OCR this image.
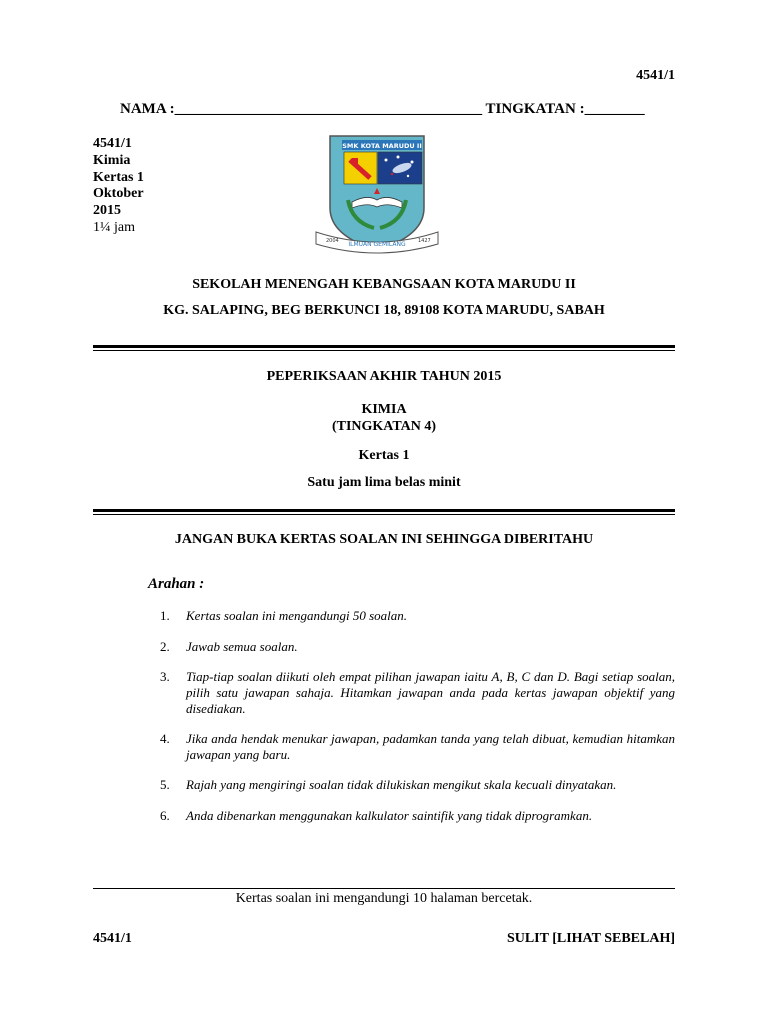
4541/1
NAMA :_________________________________________ TINGKATAN :________
4541/1
Kimia
Kertas 1
Oktober
2015
1¼ jam
SMK KOTA MARUDU II
2004 ILMUAN GEMILANG 1427
SEKOLAH MENENGAH KEBANGSAAN KOTA MARUDU II
KG. SALAPING, BEG BERKUNCI 18, 89108 KOTA MARUDU, SABAH
PEPERIKSAAN AKHIR TAHUN 2015
KIMIA
(TINGKATAN 4)
Kertas 1
Satu jam lima belas minit
JANGAN BUKA KERTAS SOALAN INI SEHINGGA DIBERITAHU
Arahan :
1. Kertas soalan ini mengandungi 50 soalan.
2. Jawab semua soalan.
3. Tiap-tiap soalan diikuti oleh empat pilihan jawapan iaitu A, B, C dan D. Bagi setiap soalan, pilih satu jawapan sahaja. Hitamkan jawapan anda pada kertas jawapan objektif yang disediakan.
4. Jika anda hendak menukar jawapan, padamkan tanda yang telah dibuat, kemudian hitamkan jawapan yang baru.
5. Rajah yang mengiringi soalan tidak dilukiskan mengikut skala kecuali dinyatakan.
6. Anda dibenarkan menggunakan kalkulator saintifik yang tidak diprogramkan.
Kertas soalan ini mengandungi 10 halaman bercetak.
4541/1	SULIT [LIHAT SEBELAH]
